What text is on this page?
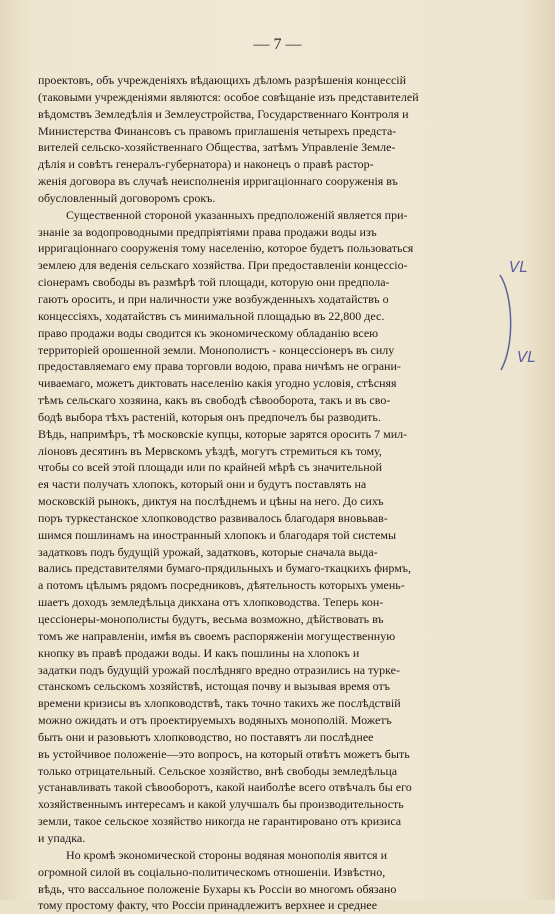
— 7 —
проектовъ, объ учрежденіяхъ вѣдающихъ дѣломъ разрѣшенія концессій
(таковыми учрежденіями являются: особое совѣщаніе изъ представителей
вѣдомствъ Земледѣлія и Землеустройства, Государственнаго Контроля и
Министерства Финансовъ съ правомъ приглашенія четырехъ предста-
вителей сельско-хозяйственнаго Общества, затѣмъ Управленіе Земле-
дѣлія и совѣтъ генералъ-губернатора) и наконецъ о правѣ растор-
женія договора въ случаѣ неисполненія ирригаціоннаго сооруженія въ
обусловленный договоромъ срокъ.
Существенной стороной указанныхъ предположеній является при-
знаніе за водопроводными предпріятіями права продажи воды изъ
ирригаціоннаго сооруженія тому населенію, которое будетъ пользоваться
землею для веденія сельскаго хозяйства. При предоставленіи концессіо-
сіонерамъ свободы въ размѣрѣ той площади, которую они предпола-
гаютъ оросить, и при наличности уже возбужденныхъ ходатайствъ о
концессіяхъ, ходатайствъ съ минимальной площадью въ 22,800 дес.
право продажи воды сводится къ экономическому обладанію всею
территоріей орошенной земли. Монополистъ - концессіонеръ въ силу
предоставляемаго ему права торговли водою, права ничѣмъ не ограни-
чиваемаго, можетъ диктовать населенію какія угодно условія, стѣсняя
тѣмъ сельскаго хозяина, какъ въ свободѣ сѣвооборота, такъ и въ сво-
бодѣ выбора тѣхъ растеній, которыя онъ предпочелъ бы разводить.
Вѣдь, напримѣръ, тѣ московскіе купцы, которые зарятся оросить 7 мил-
ліоновъ десятинъ въ Мервскомъ уѣздѣ, могутъ стремиться къ тому,
чтобы со всей этой площади или по крайней мѣрѣ съ значительной
ея части получать хлопокъ, который они и будутъ поставлять на
московскій рынокъ, диктуя на послѣднемъ и цѣны на него. До сихъ
поръ туркестанское хлопководство развивалось благодаря вновьвав-
шимся пошлинамъ на иностранный хлопокъ и благодаря той системы
задатковъ подъ будущій урожай, задатковъ, которые сначала выда-
вались представителями бумаго-прядильныхъ и бумаго-ткацкихъ фирмъ,
а потомъ цѣлымъ рядомъ посредниковъ, дѣятельность которыхъ умень-
шаетъ доходъ земледѣльца дикхана отъ хлопководства. Теперь кон-
цессіонеры-монополисты будутъ, весьма возможно, дѣйствовать въ
томъ же направленіи, имѣя въ своемъ распоряженіи могущественную
кнопку въ правѣ продажи воды. И какъ пошлины на хлопокъ и
задатки подъ будущій урожай послѣдняго вредно отразились на турке-
станскомъ сельскомъ хозяйствѣ, истощая почву и вызывая время отъ
времени кризисы въ хлопководствѣ, такъ точно такихъ же послѣдствій
можно ожидать и отъ проектируемыхъ водяныхъ монополій. Можетъ
быть они и разовьютъ хлопководство, но поставятъ ли послѣднее
въ устойчивое положеніе—это вопросъ, на который отвѣтъ можетъ быть
только отрицательный. Сельское хозяйство, внѣ свободы земледѣльца
устанавливать такой сѣвооборотъ, какой наиболѣе всего отвѣчалъ бы его
хозяйственнымъ интересамъ и какой улучшалъ бы производительность
земли, такое сельское хозяйство никогда не гарантировано отъ кризиса
и упадка.
Но кромѣ экономической стороны водяная монополія явится и
огромной силой въ соціально-политическомъ отношеніи. Извѣстно,
вѣдь, что вассальное положеніе Бухары къ Россіи во многомъ обязано
тому простому факту, что Россіи принадлежитъ верхнее и среднее
VL
VL
